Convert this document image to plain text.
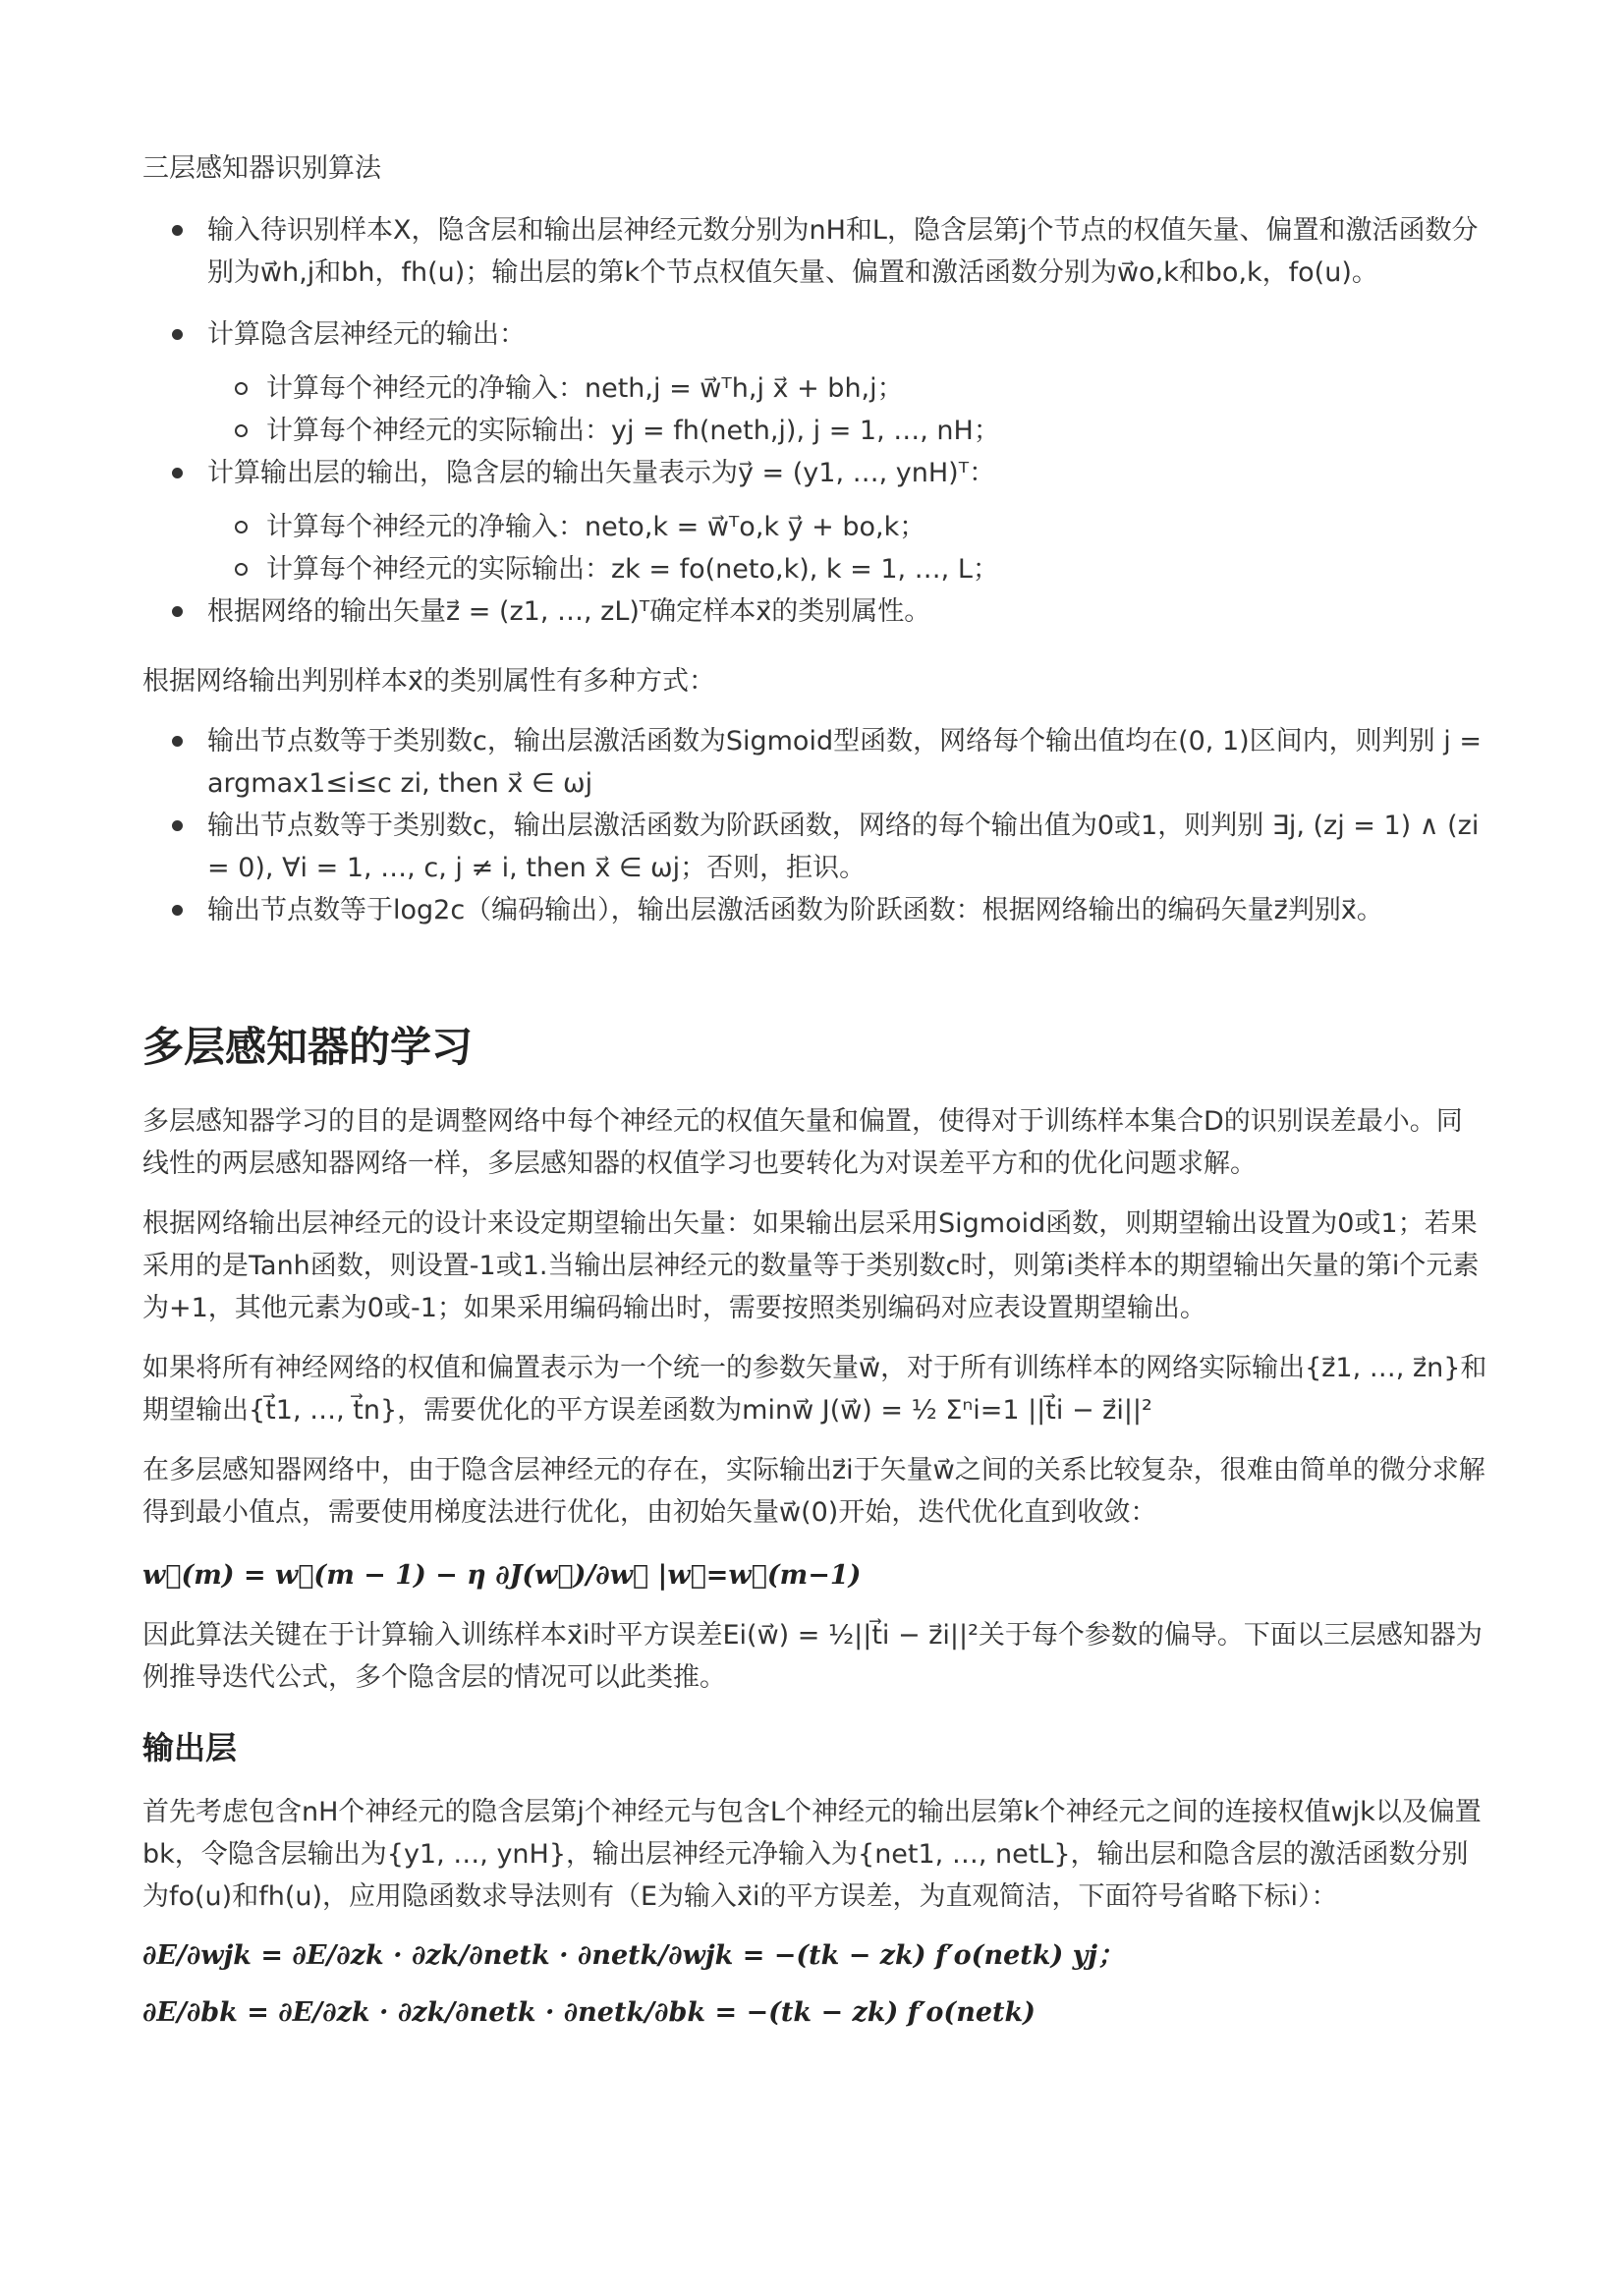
三层感知器识别算法

输入待识别样本X，隐含层和输出层神经元数分别为nH和L，隐含层第j个节点的权值矢量、偏置和激活函数分别为w⃗h,j和bh，fh(u)；输出层的第k个节点权值矢量、偏置和激活函数分别为w⃗o,k和bo,k，fo(u)。
计算隐含层神经元的输出：
计算每个神经元的净输入：neth,j = w⃗ᵀh,j x⃗ + bh,j；
计算每个神经元的实际输出：yj = fh(neth,j), j = 1, …, nH；
计算输出层的输出，隐含层的输出矢量表示为y⃗ = (y1, …, ynH)ᵀ：
计算每个神经元的净输入：neto,k = w⃗ᵀo,k y⃗ + bo,k；
计算每个神经元的实际输出：zk = fo(neto,k), k = 1, …, L；
根据网络的输出矢量z⃗ = (z1, …, zL)ᵀ确定样本x⃗的类别属性。

根据网络输出判别样本x⃗的类别属性有多种方式：

输出节点数等于类别数c，输出层激活函数为Sigmoid型函数，网络每个输出值均在(0, 1)区间内，则判别 j = argmax1≤i≤c zi, then x⃗ ∈ ωj
输出节点数等于类别数c，输出层激活函数为阶跃函数，网络的每个输出值为0或1，则判别 ∃j, (zj = 1) ∧ (zi = 0), ∀i = 1, …, c, j ≠ i, then x⃗ ∈ ωj；否则，拒识。
输出节点数等于log2c（编码输出），输出层激活函数为阶跃函数：根据网络输出的编码矢量z⃗判别x⃗。
多层感知器的学习

多层感知器学习的目的是调整网络中每个神经元的权值矢量和偏置，使得对于训练样本集合D的识别误差最小。同线性的两层感知器网络一样，多层感知器的权值学习也要转化为对误差平方和的优化问题求解。

根据网络输出层神经元的设计来设定期望输出矢量：如果输出层采用Sigmoid函数，则期望输出设置为0或1；若果采用的是Tanh函数，则设置-1或1.当输出层神经元的数量等于类别数c时，则第i类样本的期望输出矢量的第i个元素为+1，其他元素为0或-1；如果采用编码输出时，需要按照类别编码对应表设置期望输出。

如果将所有神经网络的权值和偏置表示为一个统一的参数矢量w⃗，对于所有训练样本的网络实际输出{z⃗1, …, z⃗n}和期望输出{t⃗1, …, t⃗n}，需要优化的平方误差函数为minw⃗ J(w⃗) = ½ Σⁿi=1 ||t⃗i − z⃗i||²

在多层感知器网络中，由于隐含层神经元的存在，实际输出z⃗i于矢量w⃗之间的关系比较复杂，很难由简单的微分求解得到最小值点，需要使用梯度法进行优化，由初始矢量w⃗(0)开始，迭代优化直到收敛：

w⃗(m) = w⃗(m − 1) − η ∂J(w⃗)/∂w⃗ |w⃗=w⃗(m−1)

因此算法关键在于计算输入训练样本x⃗i时平方误差Ei(w⃗) = ½||t⃗i − z⃗i||²关于每个参数的偏导。下面以三层感知器为例推导迭代公式，多个隐含层的情况可以此类推。

输出层

首先考虑包含nH个神经元的隐含层第j个神经元与包含L个神经元的输出层第k个神经元之间的连接权值wjk以及偏置bk，令隐含层输出为{y1, …, ynH}，输出层神经元净输入为{net1, …, netL}，输出层和隐含层的激活函数分别为fo(u)和fh(u)，应用隐函数求导法则有（E为输入x⃗i的平方误差，为直观简洁，下面符号省略下标i）：

∂E/∂wjk = ∂E/∂zk · ∂zk/∂netk · ∂netk/∂wjk = −(tk − zk) f′o(netk) yj；

∂E/∂bk = ∂E/∂zk · ∂zk/∂netk · ∂netk/∂bk = −(tk − zk) f′o(netk)
